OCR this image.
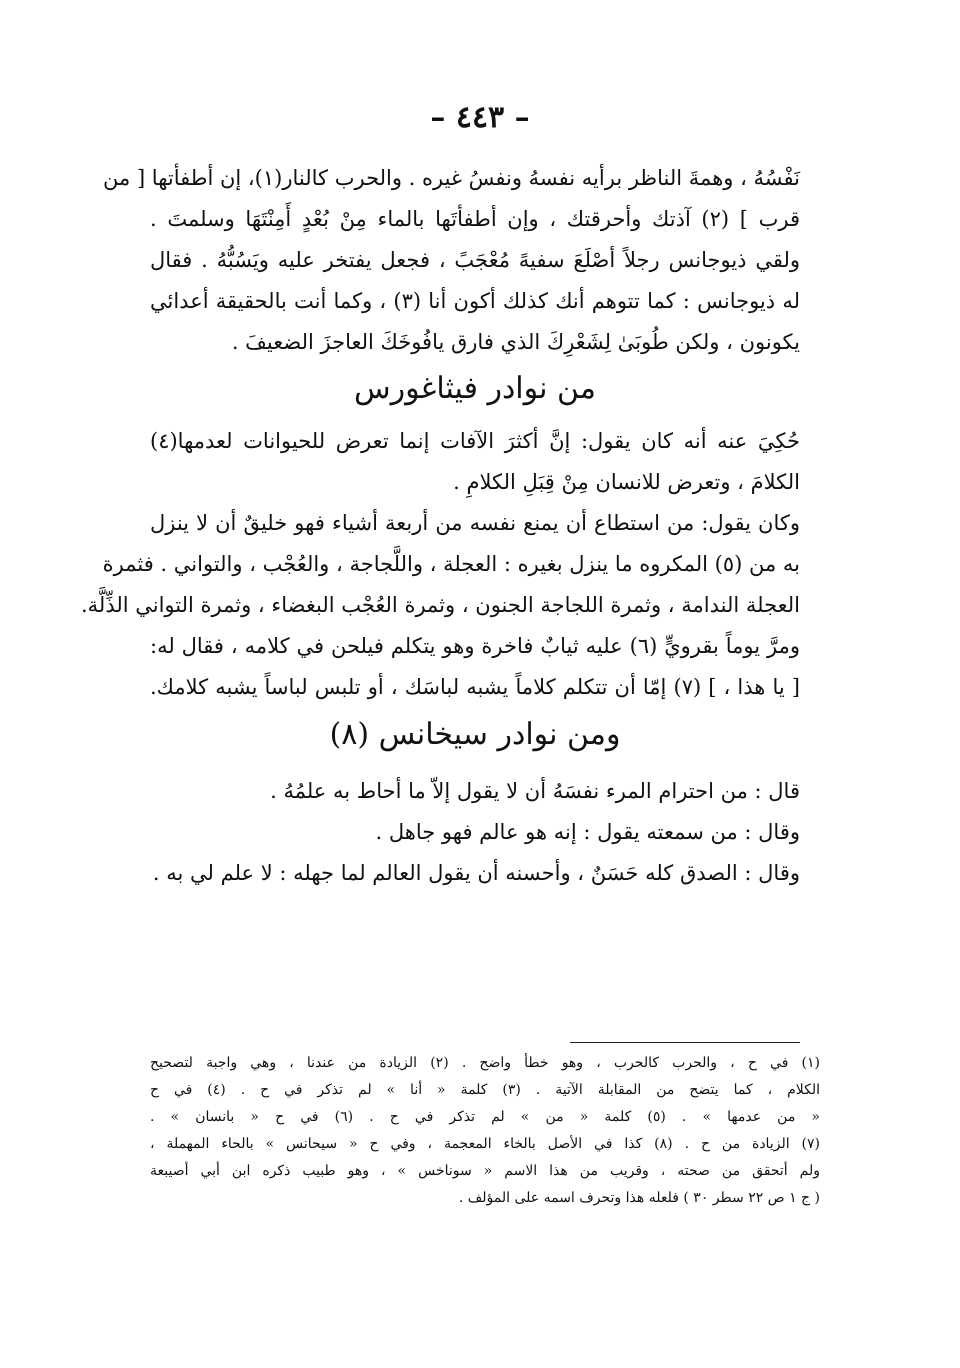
– ٤٤٣ –
نَفْسُهُ ، وهمةَ الناظر برأيه نفسهُ ونفسُ غيره . والحرب كالنار(١)، إن أطفأتها [ من
قرب ] (٢) آذتك وأحرقتك ، وإن أطفأتَها بالماء مِنْ بُعْدٍ أَمِنْتَهَا وسلمتَ .
ولقي ذيوجانس رجلاً أصْلَعَ سفيهً مُعْجَبً ، فجعل يفتخر عليه ويَسُبُّهُ . فقال
له ذيوجانس : كما تتوهم أنك كذلك أكون أنا (٣) ، وكما أنت بالحقيقة أعدائي
يكونون ، ولكن طُوبَىٰ لِشَعْرِكَ الذي فارق يافُوخَكَ العاجزَ الضعيفَ .
من نوادر فيثاغورس
حُكِيَ عنه أنه كان يقول: إنَّ أكثرَ الآفات إنما تعرض للحيوانات لعدمها(٤)
الكلامَ ، وتعرض للانسان مِنْ قِبَلِ الكلامِ .
وكان يقول: من استطاع أن يمنع نفسه من أربعة أشياء فهو خليقٌ أن لا ينزل
به من (٥) المكروه ما ينزل بغيره : العجلة ، واللَّجاجة ، والعُجْب ، والتواني . فثمرة
العجلة الندامة ، وثمرة اللجاجة الجنون ، وثمرة العُجْب البغضاء ، وثمرة التواني الذِّلَّة.
ومرَّ يوماً بقرويٍّ (٦) عليه ثيابٌ فاخرة وهو يتكلم فيلحن في كلامه ، فقال له:
[ يا هذا ، ] (٧) إمّا أن تتكلم كلاماً يشبه لباسَك ، أو تلبس لباساً يشبه كلامك.
ومن نوادر سيخانس (٨)
قال : من احترام المرء نفسَهُ أن لا يقول إلاّ ما أحاط به علمُهُ .
وقال : من سمعته يقول : إنه هو عالم فهو جاهل .
وقال : الصدق كله حَسَنٌ ، وأحسنه أن يقول العالم لما جهله : لا علم لي به .
(١) في ح ، والحرب كالحرب ، وهو خطأ واضح . (٢) الزيادة من عندنا ، وهي واجبة لتصحيح
الكلام ، كما يتضح من المقابلة الآتية . (٣) كلمة « أنا » لم تذكر في ح . (٤) في ح
« من عدمها » . (٥) كلمة « من » لم تذكر في ح . (٦) في ح « بانسان » .
(٧) الزيادة من ح . (٨) كذا في الأصل بالخاء المعجمة ، وفي ح « سيحانس » بالحاء المهملة ،
ولم أتحقق من صحته ، وقريب من هذا الاسم « سوناخس » ، وهو طبيب ذكره ابن أبي أصيبعة
( ج ١ ص ٢٢ سطر ٣٠ ) فلعله هذا وتحرف اسمه على المؤلف .
